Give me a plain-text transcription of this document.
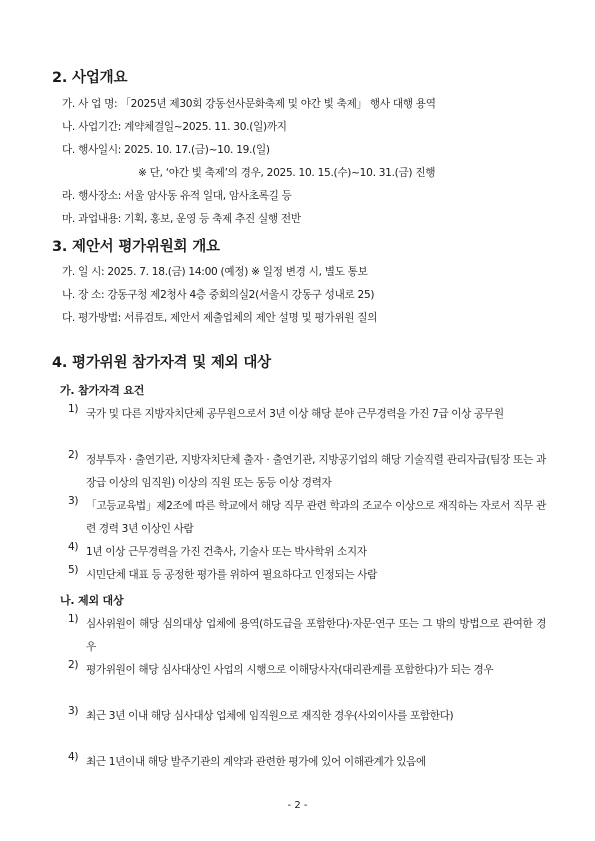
2. 사업개요
가. 사 업 명: 「2025년 제30회 강동선사문화축제 및 야간 빛 축제」 행사 대행 용역
나. 사업기간: 계약체결일~2025. 11. 30.(일)까지
다. 행사일시: 2025. 10. 17.(금)~10. 19.(일)
※ 단, ‘야간 빛 축제’의 경우, 2025. 10. 15.(수)~10. 31.(금) 진행
라. 행사장소: 서울 암사동 유적 일대, 암사초록길 등
마. 과업내용: 기획, 홍보, 운영 등 축제 추진 실행 전반
3. 제안서 평가위원회 개요
가. 일 시: 2025. 7. 18.(금) 14:00 (예정) ※ 일정 변경 시, 별도 통보
나. 장 소: 강동구청 제2청사 4층 중회의실2(서울시 강동구 성내로 25)
다. 평가방법: 서류검토, 제안서 제출업체의 제안 설명 및 평가위원 질의
4. 평가위원 참가자격 및 제외 대상
가. 참가자격 요건
1) 국가 및 다른 지방자치단체 공무원으로서 3년 이상 해당 분야 근무경력을 가진 7급 이상 공무원
2) 정부투자 · 출연기관, 지방자치단체 출자 · 출연기관, 지방공기업의 해당 기술직렬 관리자급(팀장 또는 과장급 이상의 임직원) 이상의 직원 또는 동등 이상 경력자
3) 「고등교육법」제2조에 따른 학교에서 해당 직무 관련 학과의 조교수 이상으로 재직하는 자로서 직무 관련 경력 3년 이상인 사람
4) 1년 이상 근무경력을 가진 건축사, 기술사 또는 박사학위 소지자
5) 시민단체 대표 등 공정한 평가를 위하여 필요하다고 인정되는 사람
나. 제외 대상
1) 심사위원이 해당 심의대상 업체에 용역(하도급을 포함한다)·자문·연구 또는 그 밖의 방법으로 관여한 경우
2) 평가위원이 해당 심사대상인 사업의 시행으로 이해당사자(대리관계를 포함한다)가 되는 경우
3) 최근 3년 이내 해당 심사대상 업체에 임직원으로 재직한 경우(사외이사를 포함한다)
4) 최근 1년이내 해당 발주기관의 계약과 관련한 평가에 있어 이해관계가 있음에
- 2 -
